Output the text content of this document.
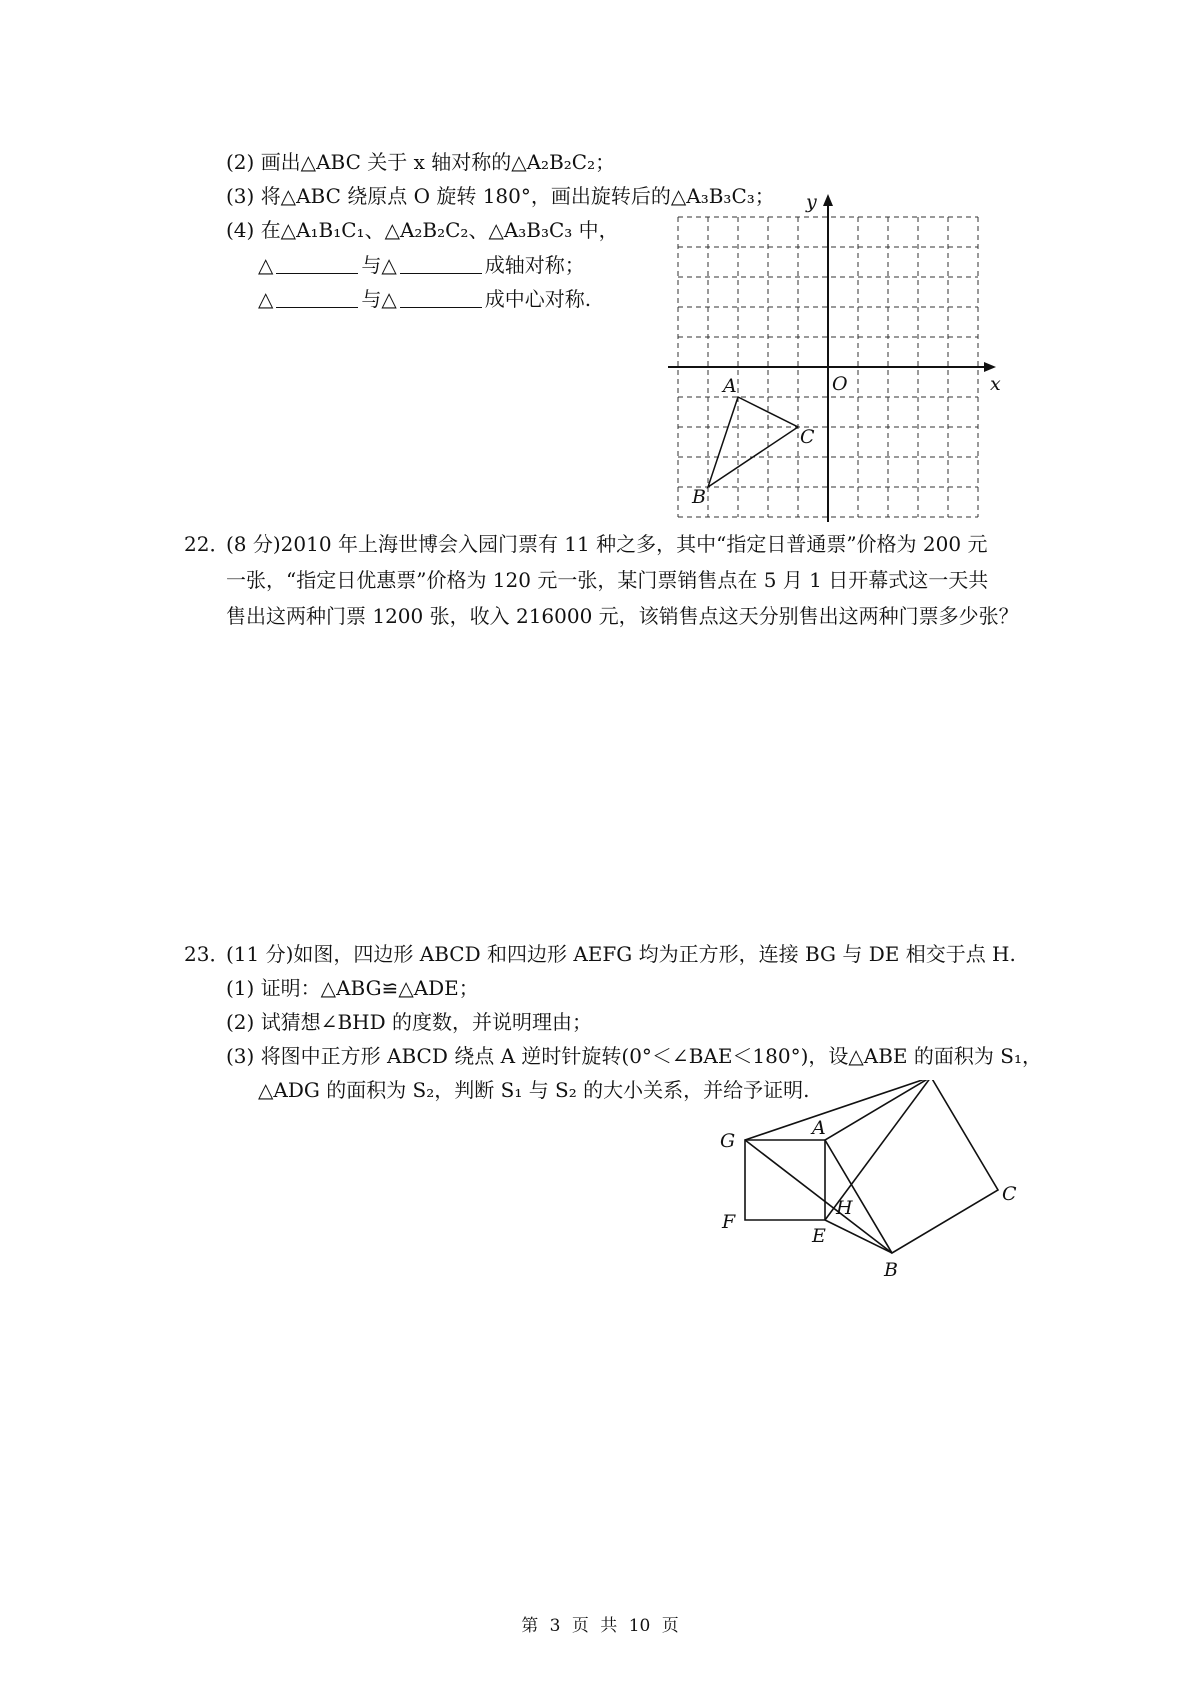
(2) 画出△ABC 关于 x 轴对称的△A₂B₂C₂；
(3) 将△ABC 绕原点 O 旋转 180°，画出旋转后的△A₃B₃C₃；
(4) 在△A₁B₁C₁、△A₂B₂C₂、△A₃B₃C₃ 中，
△	与△	成轴对称；
△	与△	成中心对称.
x
y
O
A
B
C
22．
(8 分)2010 年上海世博会入园门票有 11 种之多，其中“指定日普通票”价格为 200 元
一张，“指定日优惠票”价格为 120 元一张，某门票销售点在 5 月 1 日开幕式这一天共
售出这两种门票 1200 张，收入 216000 元，该销售点这天分别售出这两种门票多少张？
23．
(11 分)如图，四边形 ABCD 和四边形 AEFG 均为正方形，连接 BG 与 DE 相交于点 H.
(1) 证明：△ABG≌△ADE；
(2) 试猜想∠BHD 的度数，并说明理由；
(3) 将图中正方形 ABCD 绕点 A 逆时针旋转(0°＜∠BAE＜180°)，设△ABE 的面积为 S₁，
△ADG 的面积为 S₂，判断 S₁ 与 S₂ 的大小关系，并给予证明.
A
B
C
E
F
G
H
第 3 页 共 10 页
